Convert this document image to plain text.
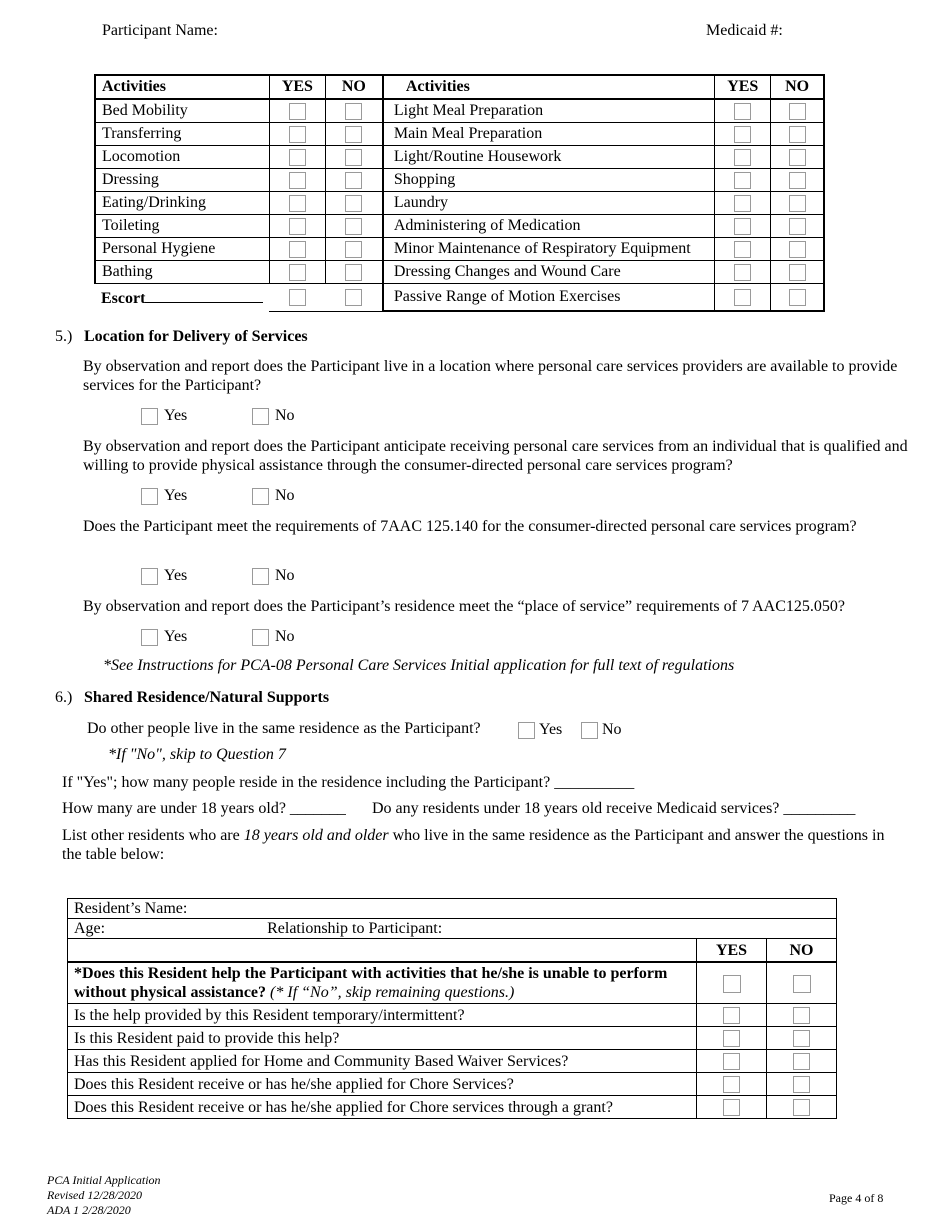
Participant Name:	Medicaid #:
Activities	YES	NO	Activities	YES	NO
Bed Mobility			Light Meal Preparation		
Transferring			Main Meal Preparation		
Locomotion			Light/Routine Housework		
Dressing			Shopping		
Eating/Drinking			Laundry		
Toileting			Administering of Medication		
Personal Hygiene			Minor Maintenance of Respiratory Equipment		
Bathing			Dressing Changes and Wound Care		
Escort			Passive Range of Motion Exercises		
5.) Location for Delivery of Services
By observation and report does the Participant live in a location where personal care services providers are available to provide services for the Participant?
Yes	No
By observation and report does the Participant anticipate receiving personal care services from an individual that is qualified and willing to provide physical assistance through the consumer-directed personal care services program?
Yes	No
Does the Participant meet the requirements of 7AAC 125.140 for the consumer-directed personal care services program?
Yes	No
By observation and report does the Participant’s residence meet the “place of service” requirements of 7 AAC125.050?
Yes	No
*See Instructions for PCA-08 Personal Care Services Initial application for full text of regulations
6.) Shared Residence/Natural Supports
Do other people live in the same residence as the Participant?	Yes	No
*If "No", skip to Question 7
If "Yes"; how many people reside in the residence including the Participant? __________
How many are under 18 years old? _______ Do any residents under 18 years old receive Medicaid services? _________
List other residents who are 18 years old and older who live in the same residence as the Participant and answer the questions in the table below:
Resident’s Name:		
Age: Relationship to Participant:		
	YES	NO
*Does this Resident help the Participant with activities that he/she is unable to perform without physical assistance? (* If “No”, skip remaining questions.)		
Is the help provided by this Resident temporary/intermittent?		
Is this Resident paid to provide this help?		
Has this Resident applied for Home and Community Based Waiver Services?		
Does this Resident receive or has he/she applied for Chore Services?		
Does this Resident receive or has he/she applied for Chore services through a grant?		
PCA Initial Application
Revised 12/28/2020
ADA 1 2/28/2020
Page 4 of 8
